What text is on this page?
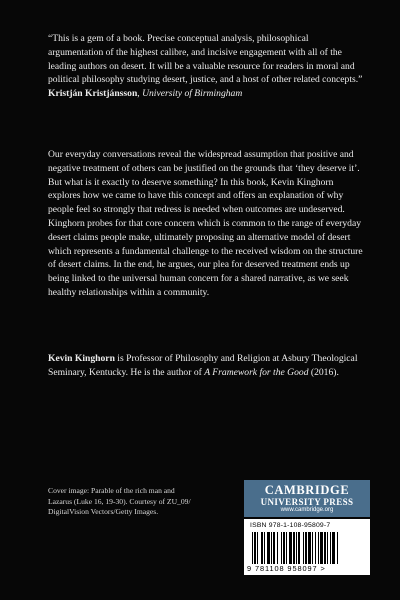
“This is a gem of a book. Precise conceptual analysis, philosophical argumentation of the highest calibre, and incisive engagement with all of the leading authors on desert. It will be a valuable resource for readers in moral and political philosophy studying desert, justice, and a host of other related concepts.”

Kristján Kristjánsson, University of Birmingham

Our everyday conversations reveal the widespread assumption that positive and negative treatment of others can be justified on the grounds that ‘they deserve it’. But what is it exactly to deserve something? In this book, Kevin Kinghorn explores how we came to have this concept and offers an explanation of why people feel so strongly that redress is needed when outcomes are undeserved. Kinghorn probes for that core concern which is common to the range of everyday desert claims people make, ultimately proposing an alternative model of desert which represents a fundamental challenge to the received wisdom on the structure of desert claims. In the end, he argues, our plea for deserved treatment ends up being linked to the universal human concern for a shared narrative, as we seek healthy relationships within a community.

Kevin Kinghorn is Professor of Philosophy and Religion at Asbury Theological Seminary, Kentucky. He is the author of A Framework for the Good (2016).

Cover image: Parable of the rich man and Lazarus (Luke 16, 19-30). Courtesy of ZU_09/ DigitalVision Vectors/Getty Images.

CAMBRIDGE
UNIVERSITY PRESS
www.cambridge.org
ISBN 978-1-108-95809-7
9 781108 958097 >
